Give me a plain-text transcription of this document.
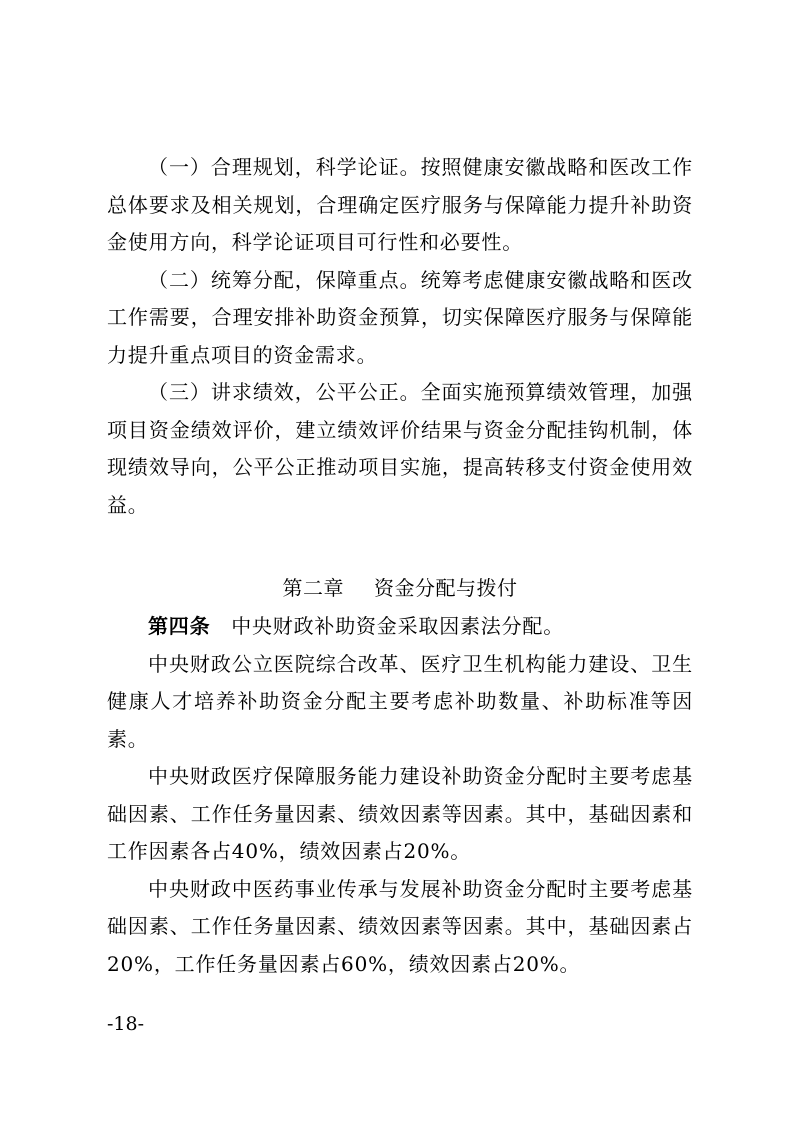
（一）合理规划，科学论证。按照健康安徽战略和医改工作总体要求及相关规划，合理确定医疗服务与保障能力提升补助资金使用方向，科学论证项目可行性和必要性。

（二）统筹分配，保障重点。统筹考虑健康安徽战略和医改工作需要，合理安排补助资金预算，切实保障医疗服务与保障能力提升重点项目的资金需求。

（三）讲求绩效，公平公正。全面实施预算绩效管理，加强项目资金绩效评价，建立绩效评价结果与资金分配挂钩机制，体现绩效导向，公平公正推动项目实施，提高转移支付资金使用效益。

第二章 资金分配与拨付

第四条　中央财政补助资金采取因素法分配。

中央财政公立医院综合改革、医疗卫生机构能力建设、卫生健康人才培养补助资金分配主要考虑补助数量、补助标准等因素。

中央财政医疗保障服务能力建设补助资金分配时主要考虑基础因素、工作任务量因素、绩效因素等因素。其中，基础因素和工作因素各占40%，绩效因素占20%。

中央财政中医药事业传承与发展补助资金分配时主要考虑基础因素、工作任务量因素、绩效因素等因素。其中，基础因素占20%，工作任务量因素占60%，绩效因素占20%。

-18-
